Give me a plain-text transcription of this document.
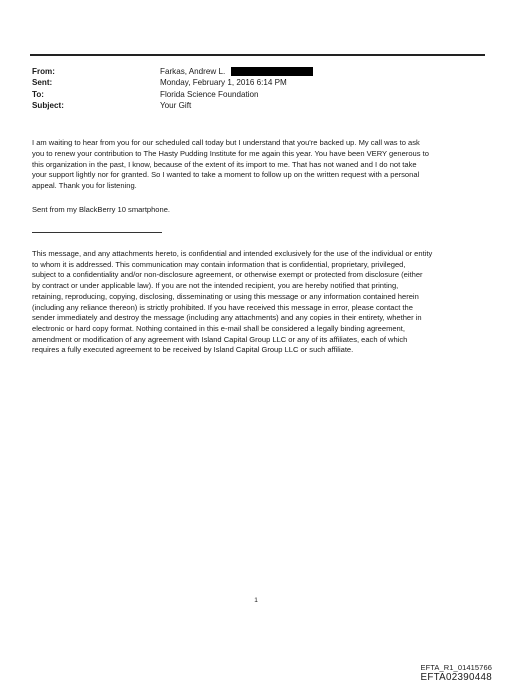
From:	Farkas, Andrew L.
Sent:	Monday, February 1, 2016 6:14 PM
To:	Florida Science Foundation
Subject:	Your Gift

I am waiting to hear from you for our scheduled call today but I understand that you're backed up. My call was to ask

you to renew your contribution to The Hasty Pudding Institute for me again this year. You have been VERY generous to

this organization in the past, I know, because of the extent of its import to me. That has not waned and I do not take

your support lightly nor for granted. So I wanted to take a moment to follow up on the written request with a personal

appeal. Thank you for listening.

Sent from my BlackBerry 10 smartphone.

This message, and any attachments hereto, is confidential and intended exclusively for the use of the individual or entity

to whom it is addressed. This communication may contain information that is confidential, proprietary, privileged,

subject to a confidentiality and/or non-disclosure agreement, or otherwise exempt or protected from disclosure (either

by contract or under applicable law). If you are not the intended recipient, you are hereby notified that printing,

retaining, reproducing, copying, disclosing, disseminating or using this message or any information contained herein

(including any reliance thereon) is strictly prohibited. If you have received this message in error, please contact the

sender immediately and destroy the message (including any attachments) and any copies in their entirety, whether in

electronic or hard copy format. Nothing contained in this e-mail shall be considered a legally binding agreement,

amendment or modification of any agreement with Island Capital Group LLC or any of its affiliates, each of which

requires a fully executed agreement to be received by Island Capital Group LLC or such affiliate.

1
EFTA_R1_01415766
EFTA02390448
